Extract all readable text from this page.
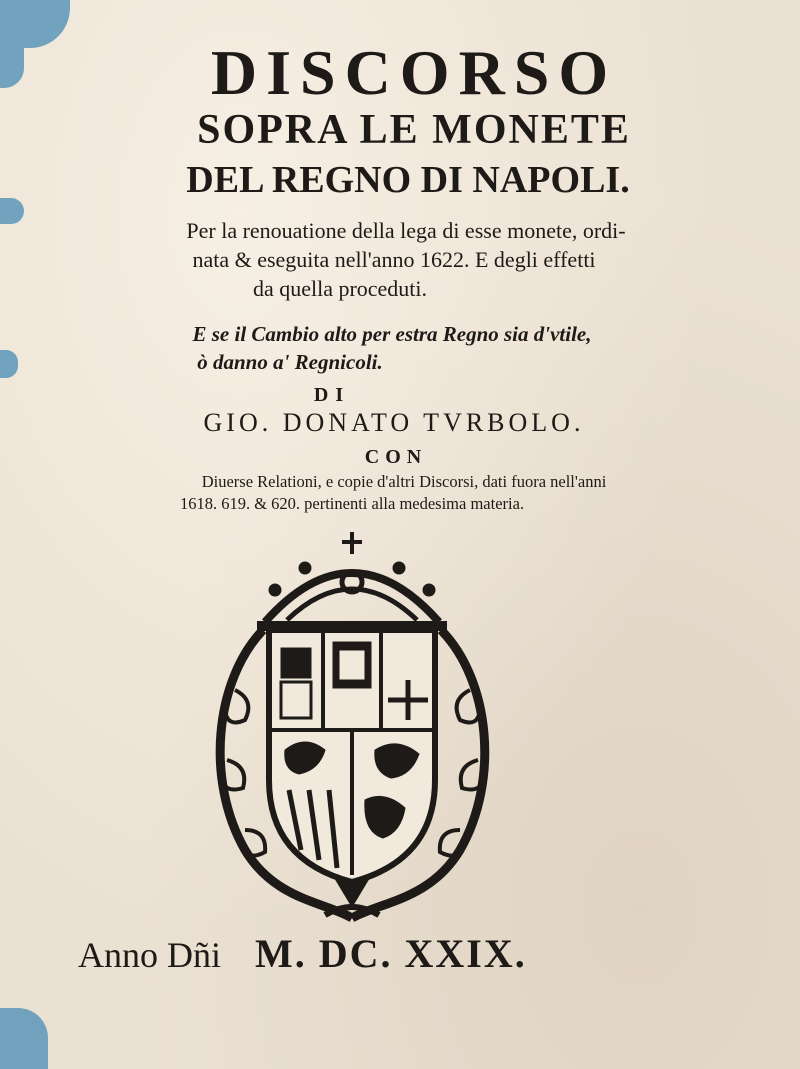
DISCORSO
SOPRA LE MONETE
DEL REGNO DI NAPOLI.
Per la renouatione della lega di esse monete, ordi-
nata & eseguita nell'anno 1622. E degli effetti
da quella proceduti.
E se il Cambio alto per estra Regno sia d'vtile,
ò danno a' Regnicoli.
DI
GIO. DONATO TVRBOLO.
CON
Diuerse Relationi, e copie d'altri Discorsi, dati fuora nell'anni
1618. 619. & 620. pertinenti alla medesima materia.
Anno Dñi M. DC. XXIX.
